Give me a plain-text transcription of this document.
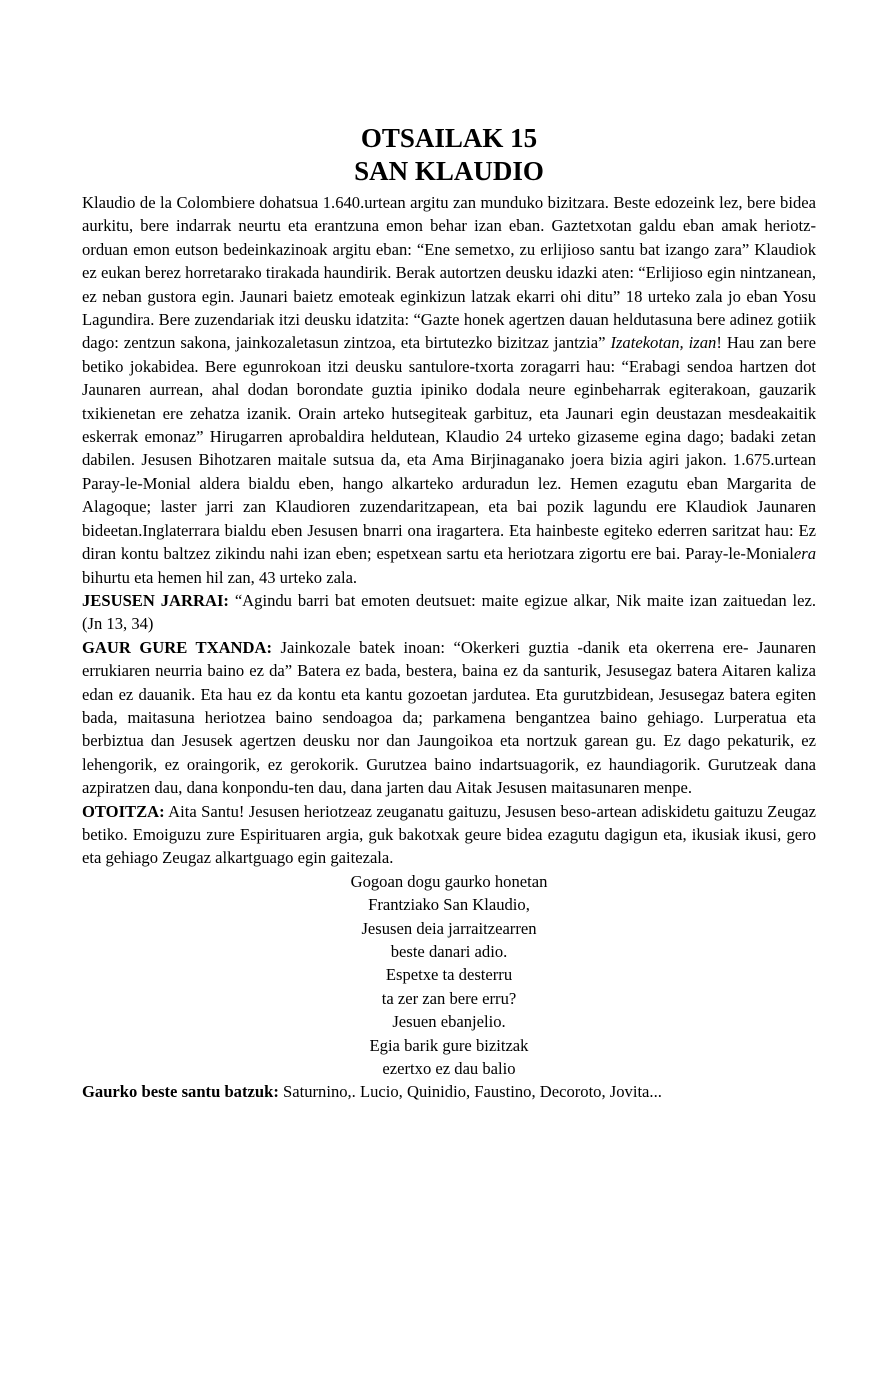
OTSAILAK 15
SAN KLAUDIO

Klaudio de la Colombiere dohatsua 1.640.urtean argitu zan munduko bizitzara. Beste edozeink lez, bere bidea aurkitu, bere indarrak neurtu eta erantzuna emon behar izan eban. Gaztetxotan galdu eban amak heriotz-orduan emon eutson bedeinkazinoak argitu eban: “Ene semetxo, zu erlijioso santu bat izango zara” Klaudiok ez eukan berez horretarako tirakada haundirik. Berak autortzen deusku idazki aten: “Erlijioso egin nintzanean, ez neban gustora egin. Jaunari baietz emoteak eginkizun latzak ekarri ohi ditu” 18 urteko zala jo eban Yosu Lagundira. Bere zuzendariak itzi deusku idatzita: “Gazte honek agertzen dauan heldutasuna bere adinez gotiik dago: zentzun sakona, jainkozaletasun zintzoa, eta birtutezko bizitzaz jantzia” Izatekotan, izan! Hau zan bere betiko jokabidea. Bere egunrokoan itzi deusku santulore-txorta zoragarri hau: “Erabagi sendoa hartzen dot Jaunaren aurrean, ahal dodan borondate guztia ipiniko dodala neure eginbeharrak egiterakoan, gauzarik txikienetan ere zehatza izanik. Orain arteko hutsegiteak garbituz, eta Jaunari egin deustazan mesdeakaitik eskerrak emonaz” Hirugarren aprobaldira heldutean, Klaudio 24 urteko gizaseme egina dago; badaki zetan dabilen. Jesusen Bihotzaren maitale sutsua da, eta Ama Birjinaganako joera bizia agiri jakon. 1.675.urtean Paray-le-Monial aldera bialdu eben, hango alkarteko arduradun lez. Hemen ezagutu eban Margarita de Alagoque; laster jarri zan Klaudioren zuzendaritzapean, eta bai pozik lagundu ere Klaudiok Jaunaren bideetan.Inglaterrara bialdu eben Jesusen bnarri ona iragartera. Eta hainbeste egiteko ederren saritzat hau: Ez diran kontu baltzez zikindu nahi izan eben; espetxean sartu eta heriotzara zigortu ere bai. Paray-le-Monialera bihurtu eta hemen hil zan, 43 urteko zala.

JESUSEN JARRAI: “Agindu barri bat emoten deutsuet: maite egizue alkar, Nik maite izan zaituedan lez. (Jn 13, 34)

GAUR GURE TXANDA: Jainkozale batek inoan: “Okerkeri guztia -danik eta okerrena ere- Jaunaren errukiaren neurria baino ez da” Batera ez bada, bestera, baina ez da santurik, Jesusegaz batera Aitaren kaliza edan ez dauanik. Eta hau ez da kontu eta kantu gozoetan jardutea. Eta gurutzbidean, Jesusegaz batera egiten bada, maitasuna heriotzea baino sendoagoa da; parkamena bengantzea baino gehiago. Lurperatua eta berbiztua dan Jesusek agertzen deusku nor dan Jaungoikoa eta nortzuk garean gu. Ez dago pekaturik, ez lehengorik, ez oraingorik, ez gerokorik. Gurutzea baino indartsuagorik, ez haundiagorik. Gurutzeak dana azpiratzen dau, dana konpondu-ten dau, dana jarten dau Aitak Jesusen maitasunaren menpe.

OTOITZA: Aita Santu! Jesusen heriotzeaz zeuganatu gaituzu, Jesusen beso-artean adiskidetu gaituzu Zeugaz betiko. Emoiguzu zure Espirituaren argia, guk bakotxak geure bidea ezagutu dagigun eta, ikusiak ikusi, gero eta gehiago Zeugaz alkartguago egin gaitezala.

Gogoan dogu gaurko honetan
Frantziako San Klaudio,
Jesusen deia jarraitzearren
beste danari adio.
Espetxe ta desterru
ta zer zan bere erru?
Jesuen ebanjelio.
Egia barik gure bizitzak
ezertxo ez dau balio

Gaurko beste santu batzuk: Saturnino,. Lucio, Quinidio, Faustino, Decoroto, Jovita...
